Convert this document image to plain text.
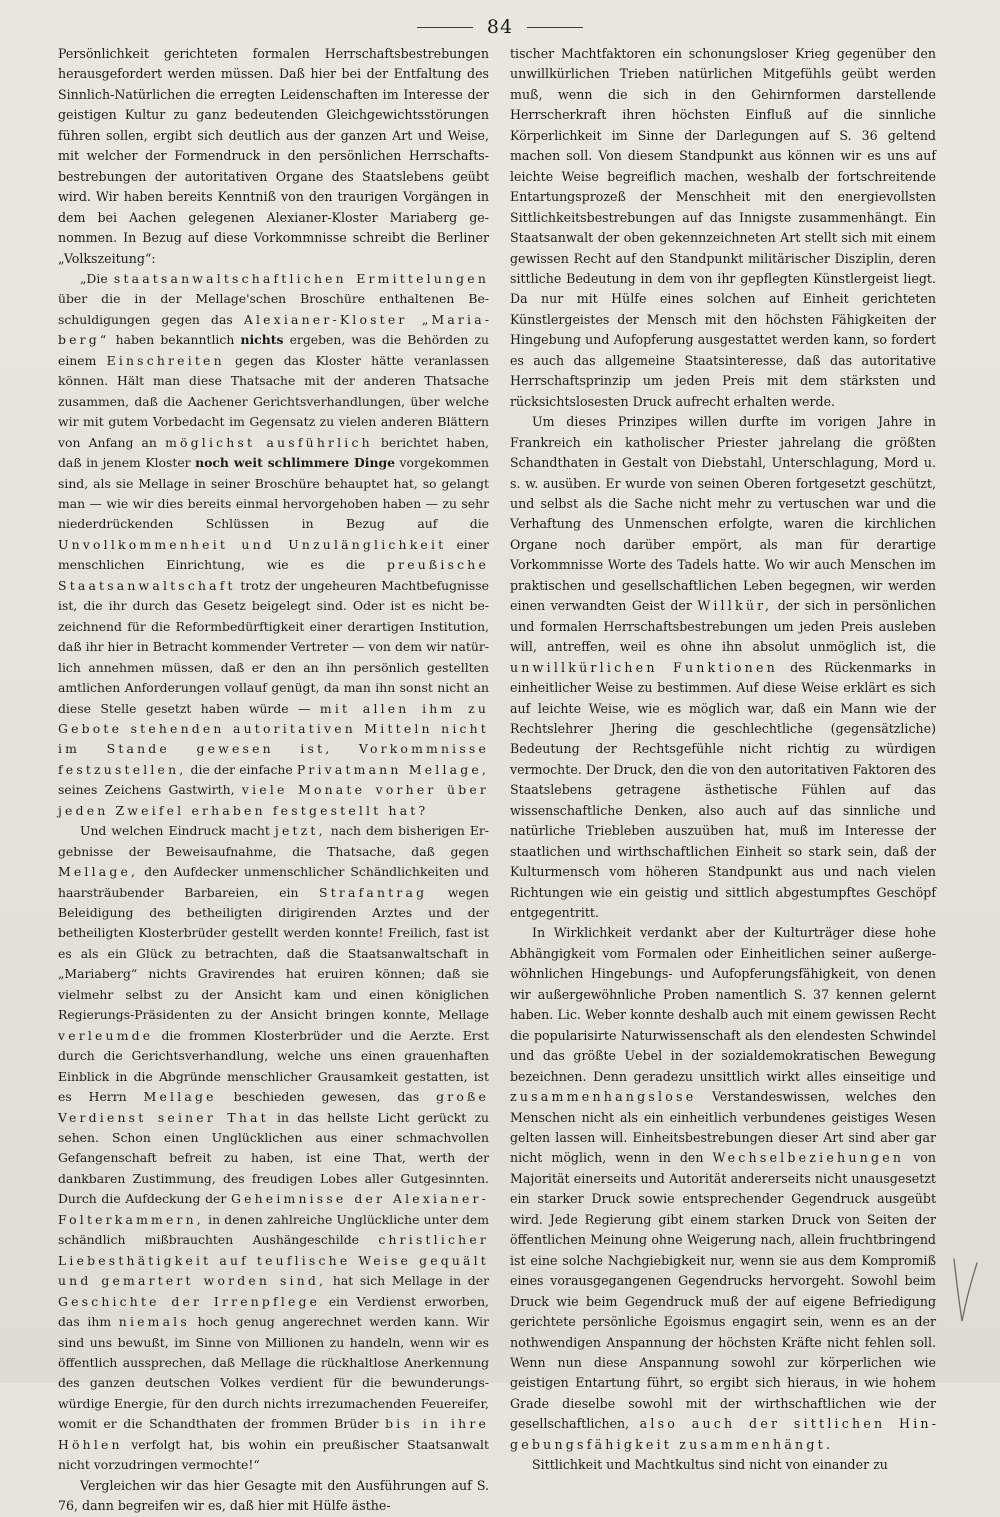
84

Persönlichkeit gerichteten formalen Herrschaftsbestrebungen herausgefordert werden müssen. Daß hier bei der Entfaltung des Sinnlich-Natürlichen die erregten Leidenschaften im Interesse der geistigen Kultur zu ganz bedeutenden Gleichgewichtsstörungen führen sollen, ergibt sich deutlich aus der ganzen Art und Weise, mit welcher der Formendruck in den persönlichen Herrschaftsbestrebungen der autoritativen Organe des Staatslebens geübt wird. Wir haben bereits Kenntniß von den traurigen Vorgängen in dem bei Aachen gelegenen Alexianer-Kloster Mariaberg genommen. In Bezug auf diese Vorkommnisse schreibt die Berliner „Volkszeitung“:

„Die staatsanwaltschaftlichen Ermittelungen über die in der Mellage'schen Broschüre enthaltenen Beschuldigungen gegen das Alexianer-Kloster „Mariaberg“ haben bekanntlich nichts ergeben, was die Behörden zu einem Einschreiten gegen das Kloster hätte veranlassen können. Hält man diese Thatsache mit der anderen Thatsache zusammen, daß die Aachener Gerichtsverhandlungen, über welche wir mit gutem Vorbedacht im Gegensatz zu vielen anderen Blättern von Anfang an möglichst ausführlich berichtet haben, daß in jenem Kloster noch weit schlimmere Dinge vorgekommen sind, als sie Mellage in seiner Broschüre behauptet hat, so gelangt man — wie wir dies bereits einmal hervorgehoben haben — zu sehr niederdrückenden Schlüssen in Bezug auf die Unvollkommenheit und Unzulänglichkeit einer menschlichen Einrichtung, wie es die preußische Staatsanwaltschaft trotz der ungeheuren Machtbefugnisse ist, die ihr durch das Gesetz beigelegt sind. Oder ist es nicht bezeichnend für die Reformbedürftigkeit einer derartigen Institution, daß ihr hier in Betracht kommender Vertreter — von dem wir natürlich annehmen müssen, daß er den an ihn persönlich gestellten amtlichen Anforderungen vollauf genügt, da man ihn sonst nicht an diese Stelle gesetzt haben würde — mit allen ihm zu Gebote stehenden autoritativen Mitteln nicht im Stande gewesen ist, Vorkommnisse festzustellen, die der einfache Privatmann Mellage, seines Zeichens Gastwirth, viele Monate vorher über jeden Zweifel erhaben festgestellt hat?

Und welchen Eindruck macht jetzt, nach dem bisherigen Ergebnisse der Beweisaufnahme, die Thatsache, daß gegen Mellage, den Aufdecker unmenschlicher Schändlichkeiten und haarsträubender Barbareien, ein Strafantrag wegen Beleidigung des betheiligten dirigirenden Arztes und der betheiligten Klosterbrüder gestellt werden konnte! Freilich, fast ist es als ein Glück zu betrachten, daß die Staatsanwaltschaft in „Mariaberg“ nichts Gravirendes hat eruiren können; daß sie vielmehr selbst zu der Ansicht kam und einen königlichen Regierungs-Präsidenten zu der Ansicht bringen konnte, Mellage verleumde die frommen Klosterbrüder und die Aerzte. Erst durch die Gerichtsverhandlung, welche uns einen grauenhaften Einblick in die Abgründe menschlicher Grausamkeit gestatten, ist es Herrn Mellage beschieden gewesen, das große Verdienst seiner That in das hellste Licht gerückt zu sehen. Schon einen Unglücklichen aus einer schmachvollen Gefangenschaft befreit zu haben, ist eine That, werth der dankbaren Zustimmung, des freudigen Lobes aller Gutgesinnten. Durch die Aufdeckung der Geheimnisse der Alexianer-Folterkammern, in denen zahlreiche Unglückliche unter dem schändlich mißbrauchten Aushängeschilde christlicher Liebesthätigkeit auf teuflische Weise gequält und gemartert worden sind, hat sich Mellage in der Geschichte der Irrenpflege ein Verdienst erworben, das ihm niemals hoch genug angerechnet werden kann. Wir sind uns bewußt, im Sinne von Millionen zu handeln, wenn wir es öffentlich aussprechen, daß Mellage die rückhaltlose Anerkennung des ganzen deutschen Volkes verdient für die bewunderungswürdige Energie, für den durch nichts irrezumachenden Feuereifer, womit er die Schandthaten der frommen Brüder bis in ihre Höhlen verfolgt hat, bis wohin ein preußischer Staatsanwalt nicht vorzudringen vermochte!“

Vergleichen wir das hier Gesagte mit den Ausführungen auf S. 76, dann begreifen wir es, daß hier mit Hülfe ästhe-

tischer Machtfaktoren ein schonungsloser Krieg gegenüber den unwillkürlichen Trieben natürlichen Mitgefühls geübt werden muß, wenn die sich in den Gehirnformen darstellende Herrscherkraft ihren höchsten Einfluß auf die sinnliche Körperlichkeit im Sinne der Darlegungen auf S. 36 geltend machen soll. Von diesem Standpunkt aus können wir es uns auf leichte Weise begreiflich machen, weshalb der fortschreitende Entartungsprozeß der Menschheit mit den energievollsten Sittlichkeitsbestrebungen auf das Innigste zusammenhängt. Ein Staatsanwalt der oben gekennzeichneten Art stellt sich mit einem gewissen Recht auf den Standpunkt militärischer Disziplin, deren sittliche Bedeutung in dem von ihr gepflegten Künstlergeist liegt. Da nur mit Hülfe eines solchen auf Einheit gerichteten Künstlergeistes der Mensch mit den höchsten Fähigkeiten der Hingebung und Aufopferung ausgestattet werden kann, so fordert es auch das allgemeine Staatsinteresse, daß das autoritative Herrschaftsprinzip um jeden Preis mit dem stärksten und rücksichtslosesten Druck aufrecht erhalten werde.

Um dieses Prinzipes willen durfte im vorigen Jahre in Frankreich ein katholischer Priester jahrelang die größten Schandthaten in Gestalt von Diebstahl, Unterschlagung, Mord u. s. w. ausüben. Er wurde von seinen Oberen fortgesetzt geschützt, und selbst als die Sache nicht mehr zu vertuschen war und die Verhaftung des Unmenschen erfolgte, waren die kirchlichen Organe noch darüber empört, als man für derartige Vorkommnisse Worte des Tadels hatte. Wo wir auch Menschen im praktischen und gesellschaftlichen Leben begegnen, wir werden einen verwandten Geist der Willkür, der sich in persönlichen und formalen Herrschaftsbestrebungen um jeden Preis ausleben will, antreffen, weil es ohne ihn absolut unmöglich ist, die unwillkürlichen Funktionen des Rückenmarks in einheitlicher Weise zu bestimmen. Auf diese Weise erklärt es sich auf leichte Weise, wie es möglich war, daß ein Mann wie der Rechtslehrer Jhering die geschlechtliche (gegensätzliche) Bedeutung der Rechtsgefühle nicht richtig zu würdigen vermochte. Der Druck, den die von den autoritativen Faktoren des Staatslebens getragene ästhetische Fühlen auf das wissenschaftliche Denken, also auch auf das sinnliche und natürliche Triebleben auszuüben hat, muß im Interesse der staatlichen und wirthschaftlichen Einheit so stark sein, daß der Kulturmensch vom höheren Standpunkt aus und nach vielen Richtungen wie ein geistig und sittlich abgestumpftes Geschöpf entgegentritt.

In Wirklichkeit verdankt aber der Kulturträger diese hohe Abhängigkeit vom Formalen oder Einheitlichen seiner außergewöhnlichen Hingebungs- und Aufopferungsfähigkeit, von denen wir außergewöhnliche Proben namentlich S. 37 kennen gelernt haben. Lic. Weber konnte deshalb auch mit einem gewissen Recht die popularisirte Naturwissenschaft als den elendesten Schwindel und das größte Uebel in der sozialdemokratischen Bewegung bezeichnen. Denn geradezu unsittlich wirkt alles einseitige und zusammenhangslose Verstandeswissen, welches den Menschen nicht als ein einheitlich verbundenes geistiges Wesen gelten lassen will. Einheitsbestrebungen dieser Art sind aber gar nicht möglich, wenn in den Wechselbeziehungen von Majorität einerseits und Autorität andererseits nicht unausgesetzt ein starker Druck sowie entsprechender Gegendruck ausgeübt wird. Jede Regierung gibt einem starken Druck von Seiten der öffentlichen Meinung ohne Weigerung nach, allein fruchtbringend ist eine solche Nachgiebigkeit nur, wenn sie aus dem Kompromiß eines vorausgegangenen Gegendrucks hervorgeht. Sowohl beim Druck wie beim Gegendruck muß der auf eigene Befriedigung gerichtete persönliche Egoismus engagirt sein, wenn es an der nothwendigen Anspannung der höchsten Kräfte nicht fehlen soll. Wenn nun diese Anspannung sowohl zur körperlichen wie geistigen Entartung führt, so ergibt sich hieraus, in wie hohem Grade dieselbe sowohl mit der wirthschaftlichen wie der gesellschaftlichen, also auch der sittlichen Hingebungsfähigkeit zusammenhängt.

Sittlichkeit und Machtkultus sind nicht von einander zu
